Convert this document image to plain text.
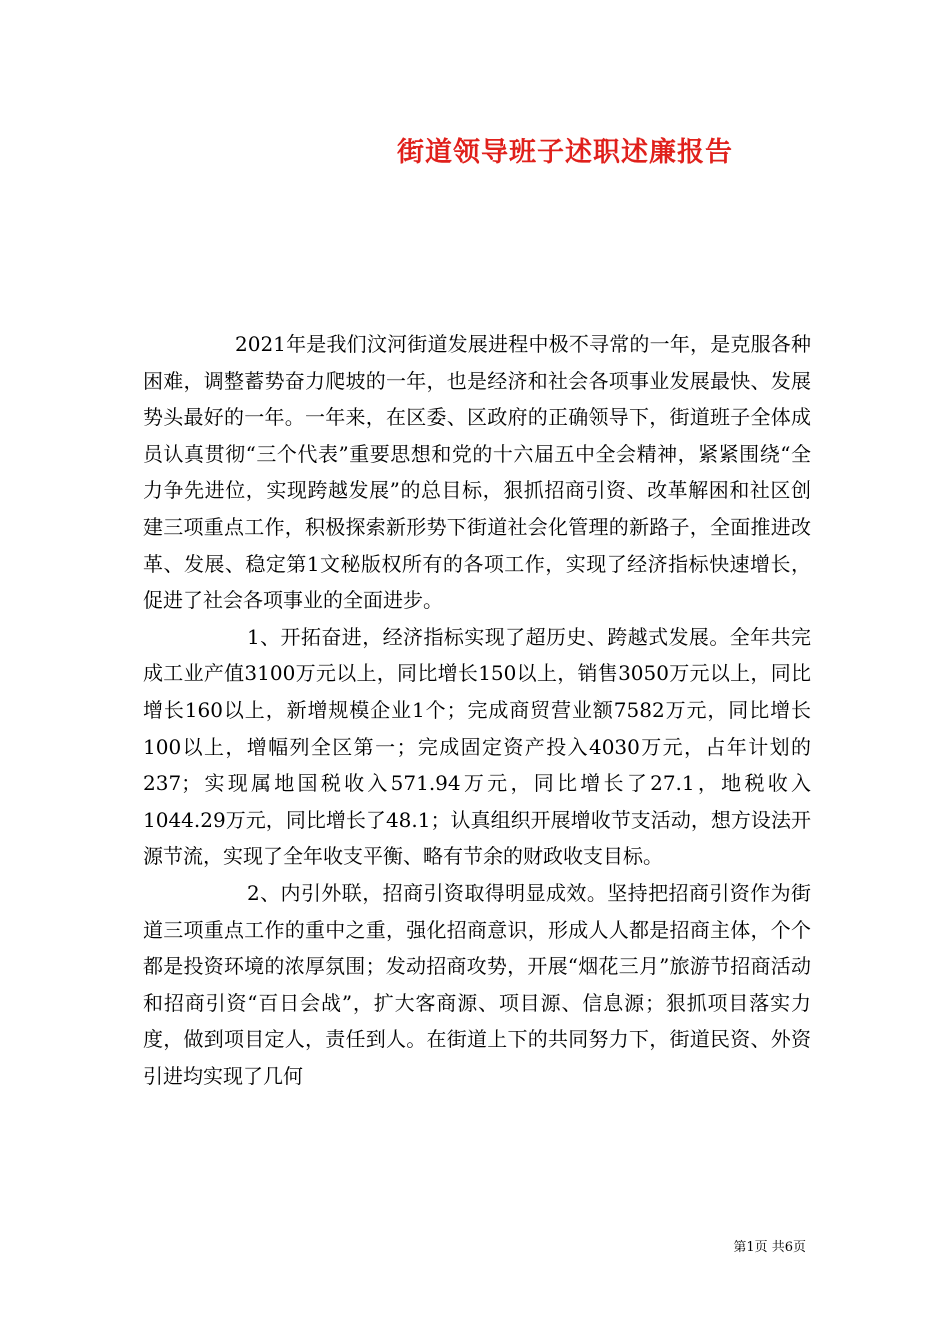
街道领导班子述职述廉报告

2021年是我们汶河街道发展进程中极不寻常的一年，是克服各种困难，调整蓄势奋力爬坡的一年，也是经济和社会各项事业发展最快、发展势头最好的一年。一年来，在区委、区政府的正确领导下，街道班子全体成员认真贯彻“三个代表”重要思想和党的十六届五中全会精神，紧紧围绕“全力争先进位，实现跨越发展”的总目标，狠抓招商引资、改革解困和社区创建三项重点工作，积极探索新形势下街道社会化管理的新路子，全面推进改革、发展、稳定第1文秘版权所有的各项工作，实现了经济指标快速增长，促进了社会各项事业的全面进步。

1、开拓奋进，经济指标实现了超历史、跨越式发展。全年共完成工业产值3100万元以上，同比增长150以上，销售3050万元以上，同比增长160以上，新增规模企业1个；完成商贸营业额7582万元，同比增长100以上，增幅列全区第一；完成固定资产投入4030万元，占年计划的237；实现属地国税收入571.94万元，同比增长了27.1，地税收入1044.29万元，同比增长了48.1；认真组织开展增收节支活动，想方设法开源节流，实现了全年收支平衡、略有节余的财政收支目标。

2、内引外联，招商引资取得明显成效。坚持把招商引资作为街道三项重点工作的重中之重，强化招商意识，形成人人都是招商主体，个个都是投资环境的浓厚氛围；发动招商攻势，开展“烟花三月”旅游节招商活动和招商引资“百日会战”，扩大客商源、项目源、信息源；狠抓项目落实力度，做到项目定人，责任到人。在街道上下的共同努力下，街道民资、外资引进均实现了几何

第1页 共6页
